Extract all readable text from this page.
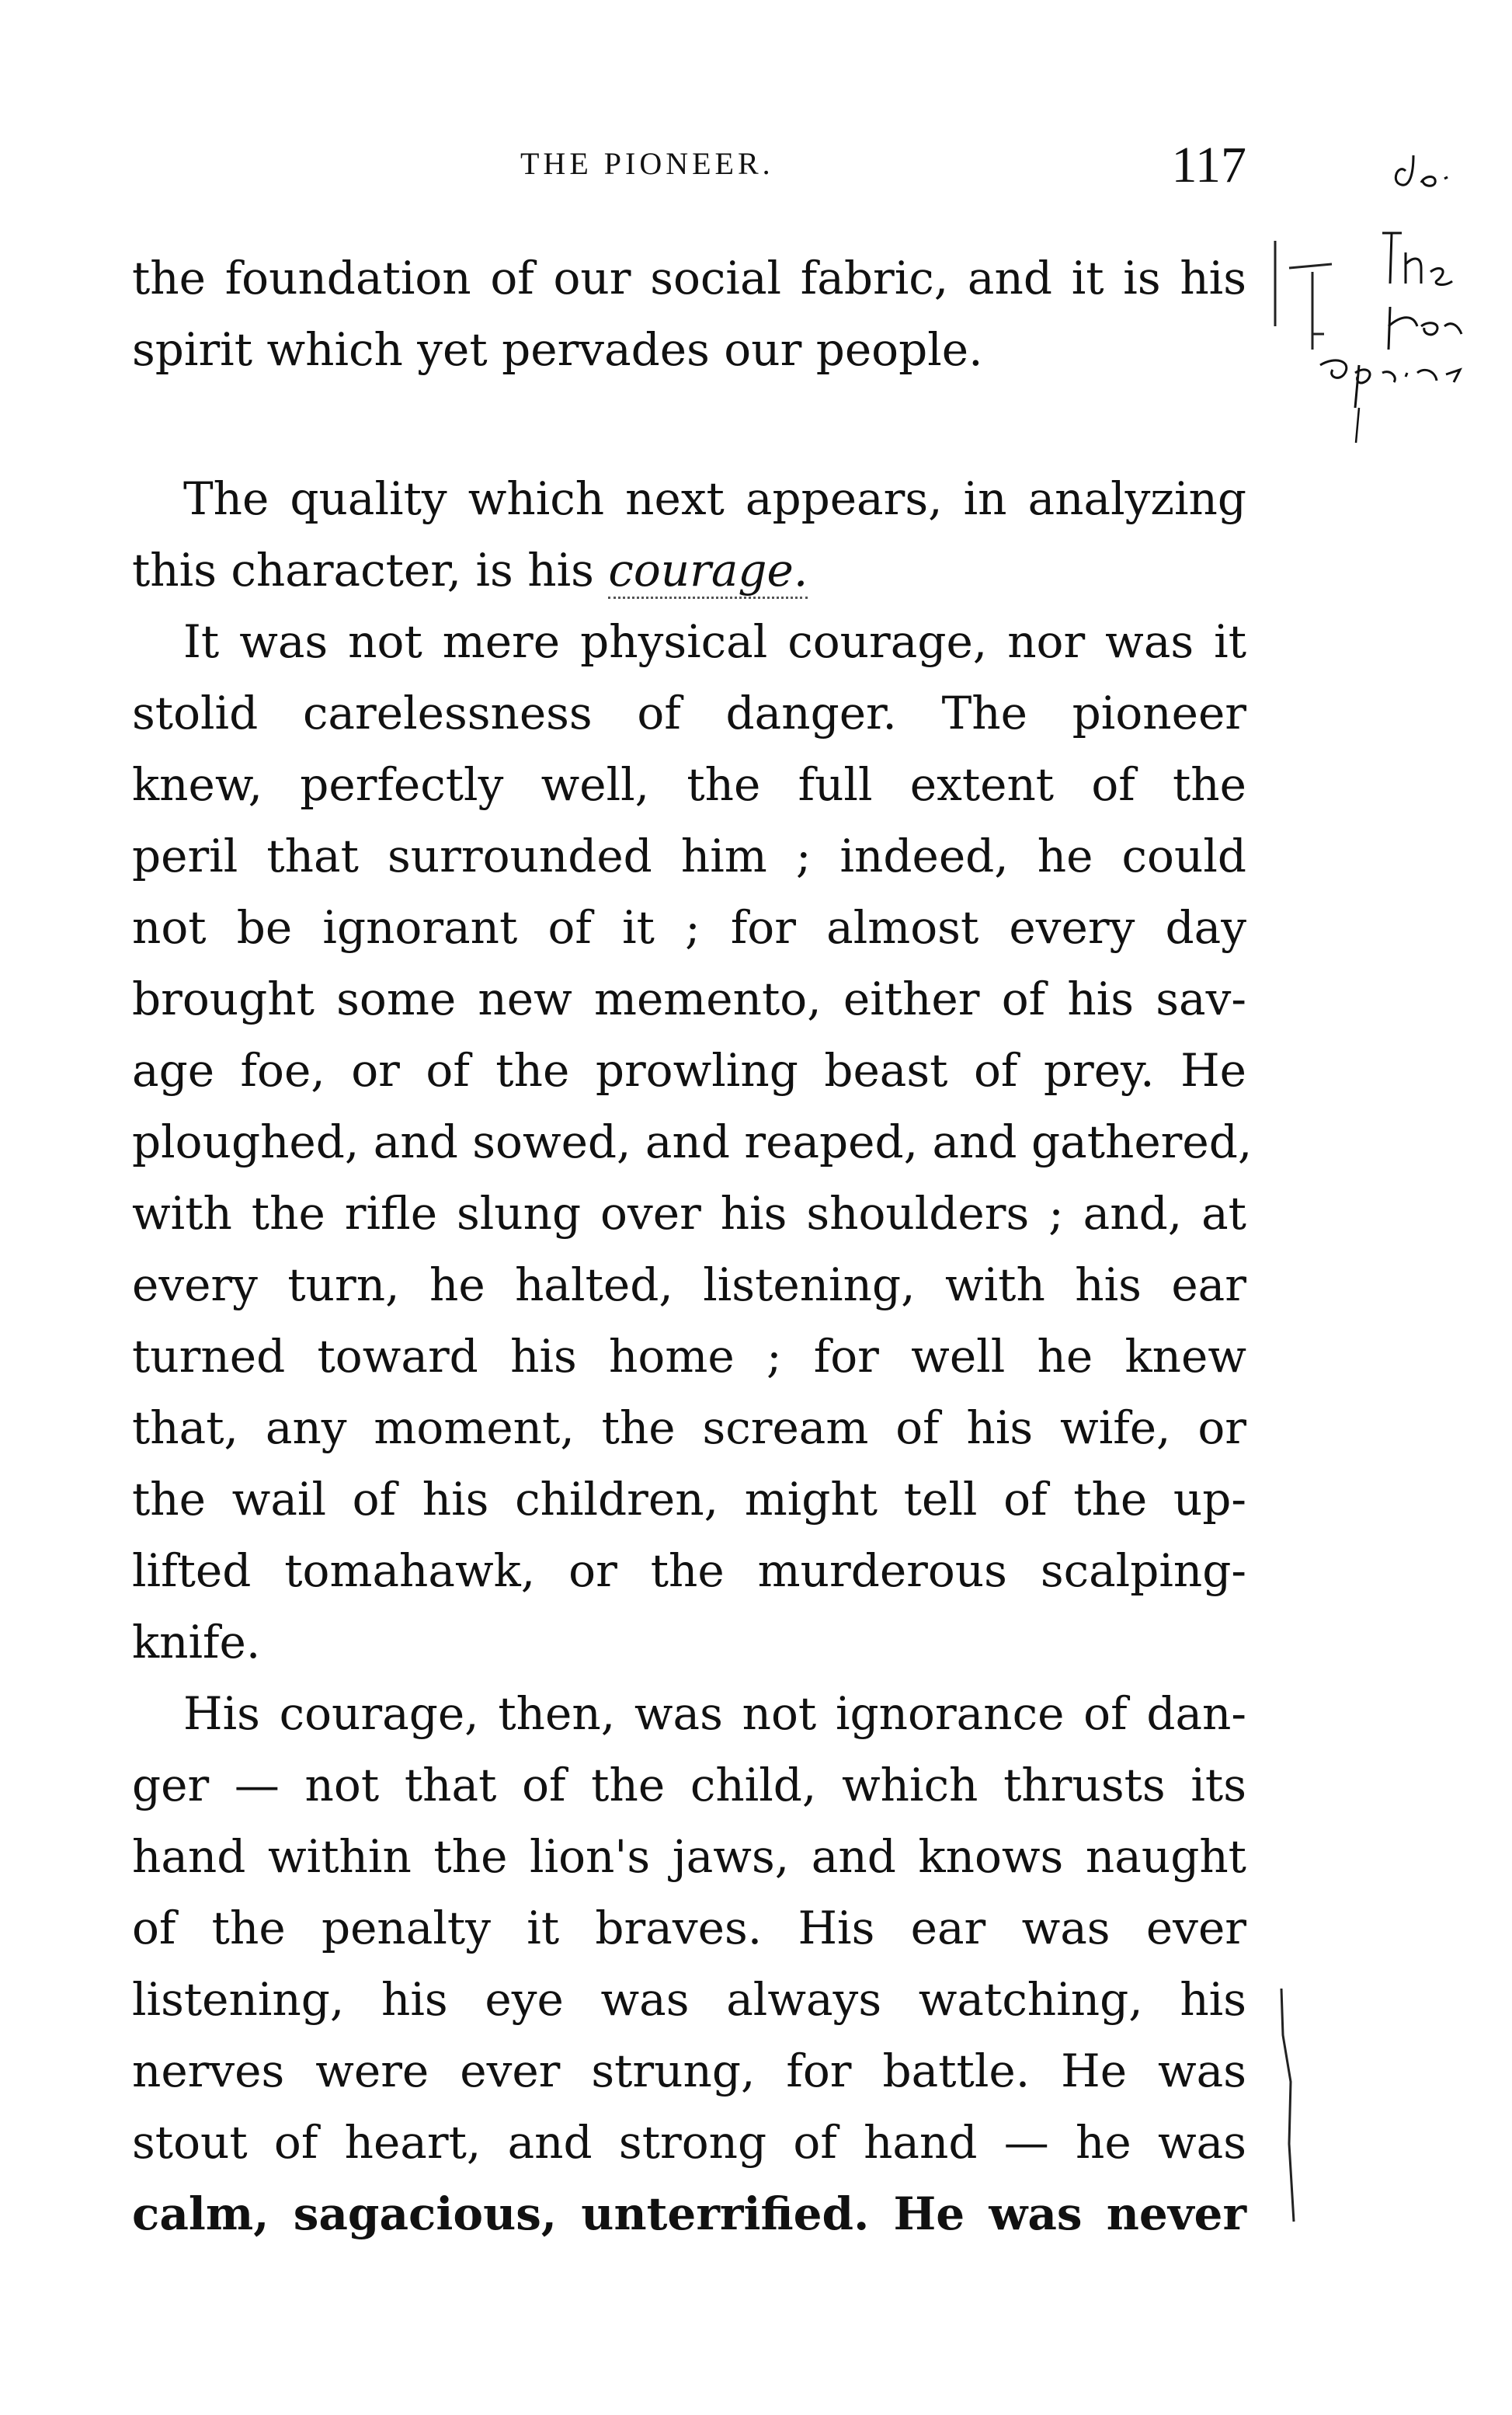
THE PIONEER.	117
the foundation of our social fabric, and it is his
spirit which yet pervades our people.
The quality which next appears, in analyzing
this character, is his courage.
It was not mere physical courage, nor was it
stolid carelessness of danger. The pioneer
knew, perfectly well, the full extent of the
peril that surrounded him ; indeed, he could
not be ignorant of it ; for almost every day
brought some new memento, either of his sav-
age foe, or of the prowling beast of prey. He
ploughed, and sowed, and reaped, and gathered,
with the rifle slung over his shoulders ; and, at
every turn, he halted, listening, with his ear
turned toward his home ; for well he knew
that, any moment, the scream of his wife, or
the wail of his children, might tell of the up-
lifted tomahawk, or the murderous scalping-
knife.
His courage, then, was not ignorance of dan-
ger — not that of the child, which thrusts its
hand within the lion's jaws, and knows naught
of the penalty it braves. His ear was ever
listening, his eye was always watching, his
nerves were ever strung, for battle. He was
stout of heart, and strong of hand — he was
calm, sagacious, unterrified. He was never
